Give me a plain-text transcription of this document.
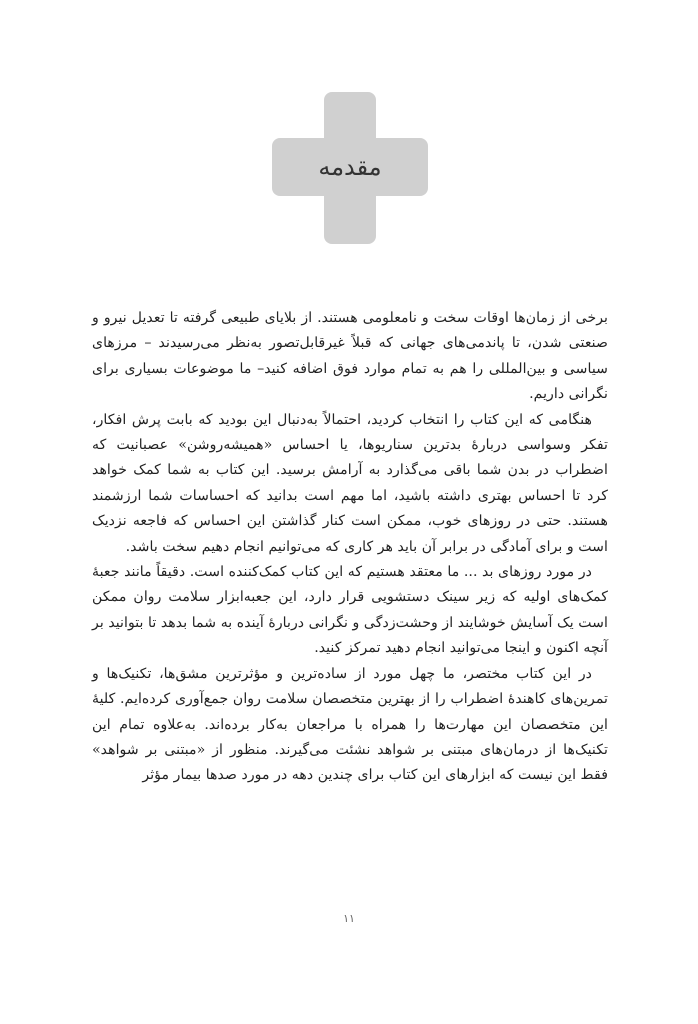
مقدمه

برخی از زمان‌ها اوقات سخت و نامعلومی هستند. از بلایای طبیعی گرفته تا تعدیل نیرو و صنعتی شدن، تا پاندمی‌های جهانی که قبلاً غیرقابل‌تصور به‌نظر می‌رسیدند – مرزهای سیاسی و بین‌المللی را هم به تمام موارد فوق اضافه کنید– ما موضوعات بسیاری برای نگرانی داریم.

هنگامی که این کتاب را انتخاب کردید، احتمالاً به‌دنبال این بودید که بابت پرش افکار، تفکر وسواسی دربارهٔ بدترین سناریوها، یا احساس «همیشه‌روشن» عصبانیت که اضطراب در بدن شما باقی می‌گذارد به آرامش برسید. این کتاب به شما کمک خواهد کرد تا احساس بهتری داشته باشید، اما مهم است بدانید که احساسات شما ارزشمند هستند. حتی در روزهای خوب، ممکن است کنار گذاشتن این احساس که فاجعه نزدیک است و برای آمادگی در برابر آن باید هر کاری که می‌توانیم انجام دهیم سخت باشد.

در مورد روزهای بد ... ما معتقد هستیم که این کتاب کمک‌کننده است. دقیقاً مانند جعبهٔ کمک‌های اولیه که زیر سینک دستشویی قرار دارد، این جعبه‌ابزار سلامت روان ممکن است یک آسایش خوشایند از وحشت‌زدگی و نگرانی دربارهٔ آینده به شما بدهد تا بتوانید بر آنچه اکنون و اینجا می‌توانید انجام دهید تمرکز کنید.

در این کتاب مختصر، ما چهل مورد از ساده‌ترین و مؤثرترین مشق‌ها، تکنیک‌ها و تمرین‌های کاهندهٔ اضطراب را از بهترین متخصصان سلامت روان جمع‌آوری کرده‌ایم. کلیهٔ این متخصصان این مهارت‌ها را همراه با مراجعان به‌کار برده‌اند. به‌علاوه تمام این تکنیک‌ها از درمان‌های مبتنی بر شواهد نشئت می‌گیرند. منظور از «مبتنی بر شواهد» فقط این نیست که ابزارهای این کتاب برای چندین دهه در مورد صدها بیمار مؤثر

۱۱
